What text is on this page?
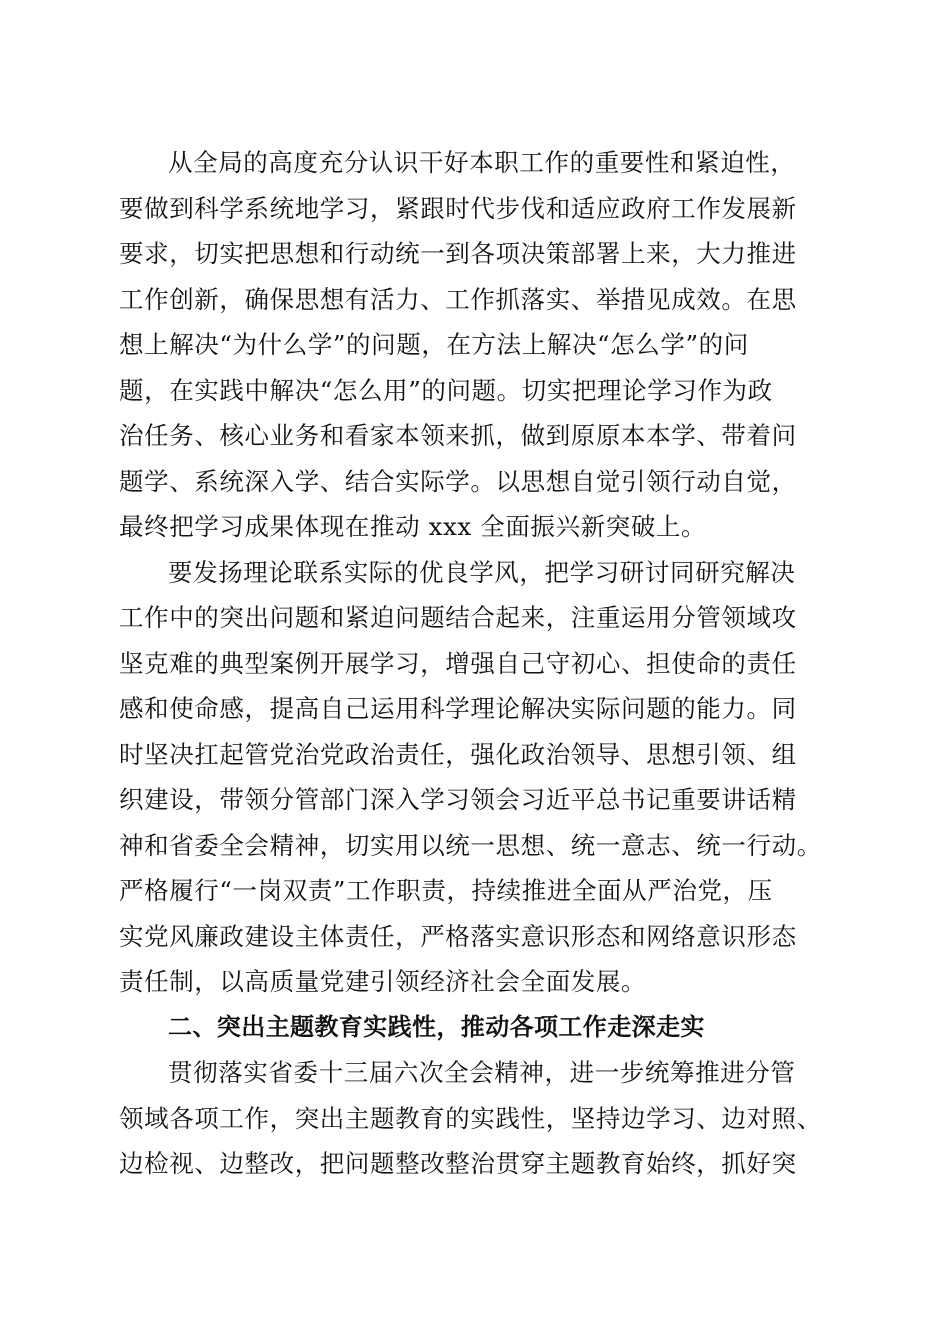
从全局的高度充分认识干好本职工作的重要性和紧迫性，
要做到科学系统地学习，紧跟时代步伐和适应政府工作发展新
要求，切实把思想和行动统一到各项决策部署上来，大力推进
工作创新，确保思想有活力、工作抓落实、举措见成效。在思
想上解决“为什么学”的问题，在方法上解决“怎么学”的问
题，在实践中解决“怎么用”的问题。切实把理论学习作为政
治任务、核心业务和看家本领来抓，做到原原本本学、带着问
题学、系统深入学、结合实际学。以思想自觉引领行动自觉，
最终把学习成果体现在推动 xxx 全面振兴新突破上。

要发扬理论联系实际的优良学风，把学习研讨同研究解决
工作中的突出问题和紧迫问题结合起来，注重运用分管领域攻
坚克难的典型案例开展学习，增强自己守初心、担使命的责任
感和使命感，提高自己运用科学理论解决实际问题的能力。同
时坚决扛起管党治党政治责任，强化政治领导、思想引领、组
织建设，带领分管部门深入学习领会习近平总书记重要讲话精
神和省委全会精神，切实用以统一思想、统一意志、统一行动。
严格履行“一岗双责”工作职责，持续推进全面从严治党，压
实党风廉政建设主体责任，严格落实意识形态和网络意识形态
责任制，以高质量党建引领经济社会全面发展。

二、突出主题教育实践性，推动各项工作走深走实

贯彻落实省委十三届六次全会精神，进一步统筹推进分管
领域各项工作，突出主题教育的实践性，坚持边学习、边对照、
边检视、边整改，把问题整改整治贯穿主题教育始终，抓好突
